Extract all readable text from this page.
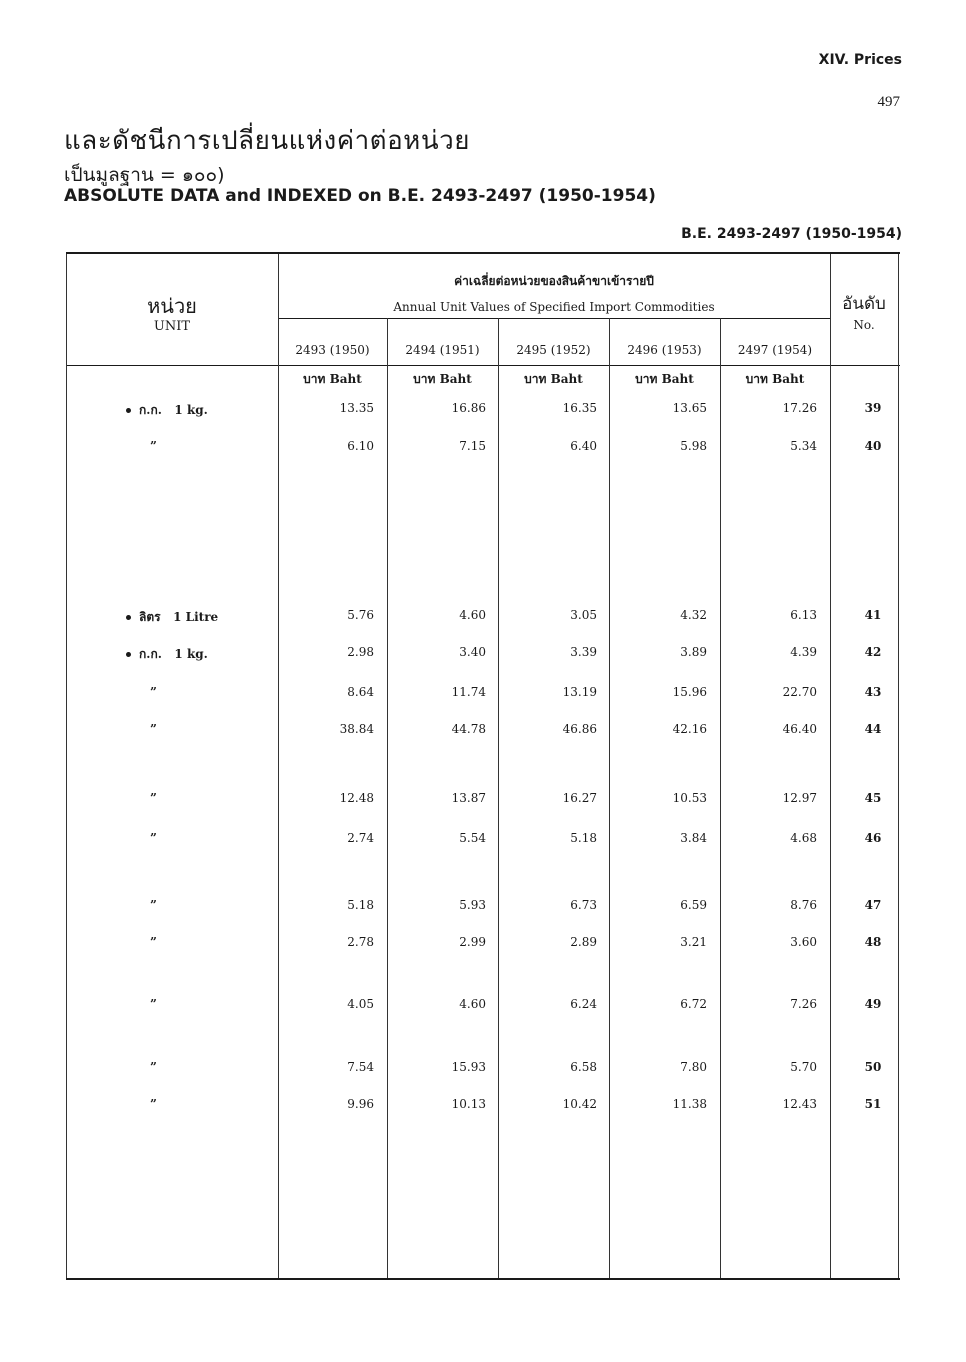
XIV. Prices
497
และดัชนีการเปลี่ยนแห่งค่าต่อหน่วย
เป็นมูลฐาน = ๑๐๐)
ABSOLUTE DATA and INDEXED on B.E. 2493-2497 (1950-1954)
B.E. 2493-2497 (1950-1954)
หน่วย
UNIT
ค่าเฉลี่ยต่อหน่วยของสินค้าขาเข้ารายปี
Annual Unit Values of Specified Import Commodities	อันดับ
No.
2493 (1950)	2494 (1951)	2495 (1952)	2496 (1953)	2497 (1954)
บาท Baht	บาท Baht	บาท Baht	บาท Baht	บาท Baht
ก.ก.   1 kg.	13.35	16.86	16.35	13.65	17.26	39
”	6.10	7.15	6.40	5.98	5.34	40
ลิตร   1 Litre	5.76	4.60	3.05	4.32	6.13	41
ก.ก.   1 kg.	2.98	3.40	3.39	3.89	4.39	42
”	8.64	11.74	13.19	15.96	22.70	43
”	38.84	44.78	46.86	42.16	46.40	44
”	12.48	13.87	16.27	10.53	12.97	45
”	2.74	5.54	5.18	3.84	4.68	46
”	5.18	5.93	6.73	6.59	8.76	47
”	2.78	2.99	2.89	3.21	3.60	48
”	4.05	4.60	6.24	6.72	7.26	49
”	7.54	15.93	6.58	7.80	5.70	50
”	9.96	10.13	10.42	11.38	12.43	51
